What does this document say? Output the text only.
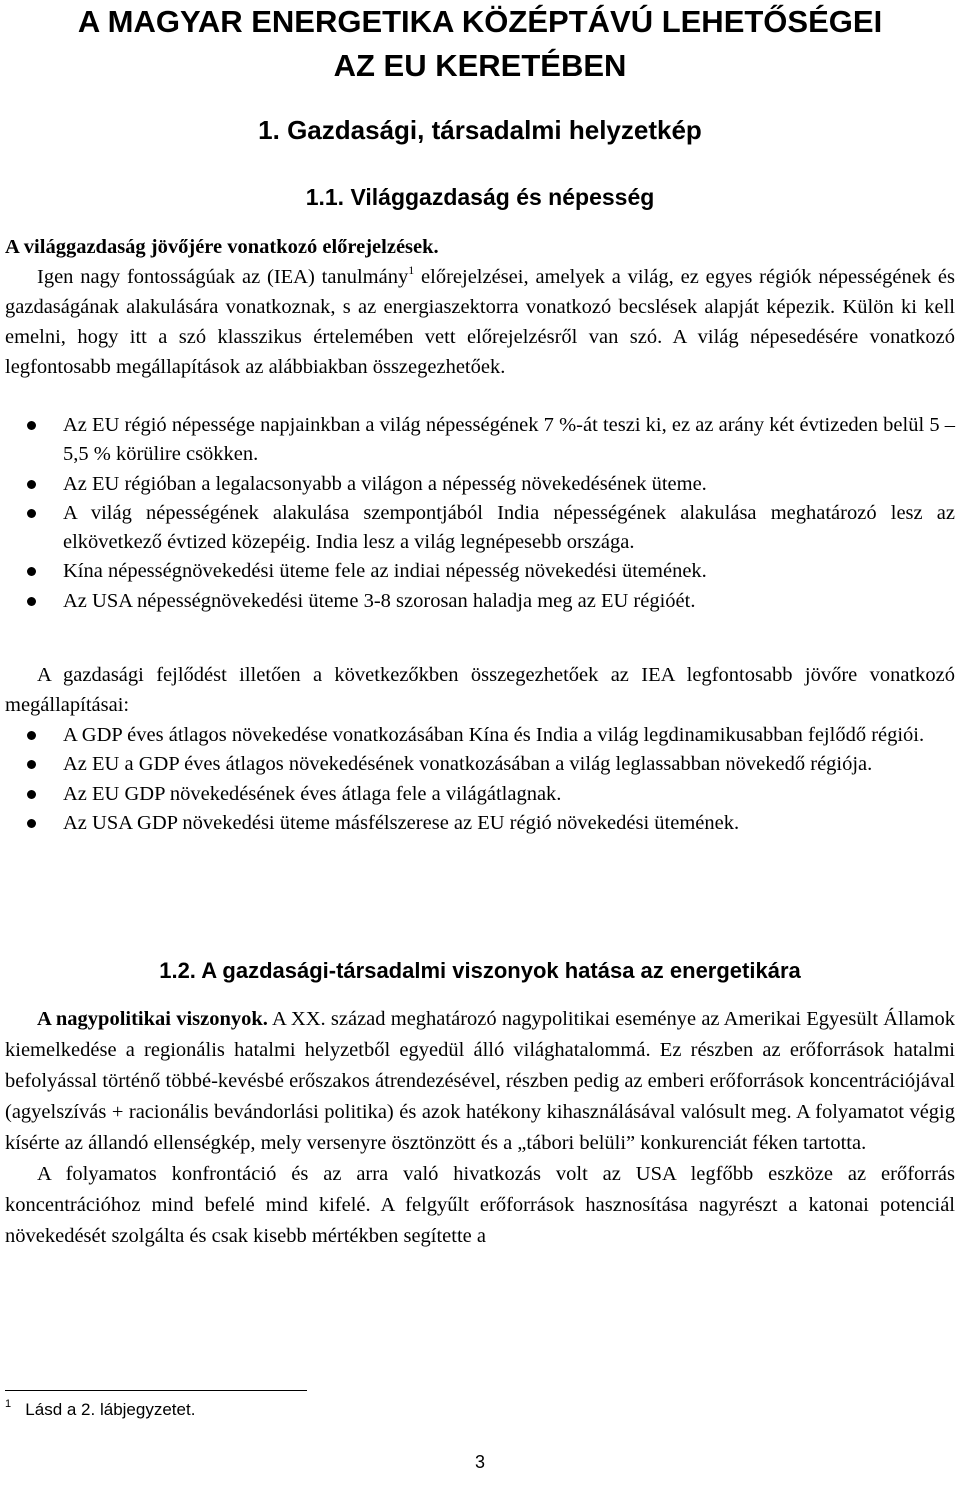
A MAGYAR ENERGETIKA KÖZÉPTÁVÚ LEHETŐSÉGEI
AZ EU KERETÉBEN
1. Gazdasági, társadalmi helyzetkép
1.1. Világgazdaság és népesség

A világgazdaság jövőjére vonatkozó előrejelzések.

Igen nagy fontosságúak az (IEA) tanulmány$^1$ előrejelzései, amelyek a világ, ez egyes régiók népességének és gazdaságának alakulására vonatkoznak, s az energiaszektorra vonatkozó becslések alapját képezik. Külön ki kell emelni, hogy itt a szó klasszikus értelemében vett előrejelzésről van szó. A világ népesedésére vonatkozó legfontosabb megállapítások az alábbiakban összegezhetőek.

Az EU régió népessége napjainkban a világ népességének 7 %-át teszi ki, ez az arány két évtizeden belül 5 – 5,5 % körülire csökken.
Az EU régióban a legalacsonyabb a világon a népesség növekedésének üteme.
A világ népességének alakulása szempontjából India népességének alakulása meghatározó lesz az elkövetkező évtized közepéig. India lesz a világ legnépesebb országa.
Kína népességnövekedési üteme fele az indiai népesség növekedési ütemének.
Az USA népességnövekedési üteme 3-8 szorosan haladja meg az EU régióét.

A gazdasági fejlődést illetően a következőkben összegezhetőek az IEA legfontosabb jövőre vonatkozó megállapításai:

A GDP éves átlagos növekedése vonatkozásában Kína és India a világ legdinamikusabban fejlődő régiói.
Az EU a GDP éves átlagos növekedésének vonatkozásában a világ leglassabban növekedő régiója.
Az EU GDP növekedésének éves átlaga fele a világátlagnak.
Az USA GDP növekedési üteme másfélszerese az EU régió növekedési ütemének.
1.2. A gazdasági-társadalmi viszonyok hatása az energetikára

A nagypolitikai viszonyok. A XX. század meghatározó nagypolitikai eseménye az Amerikai Egyesült Államok kiemelkedése a regionális hatalmi helyzetből egyedül álló világhatalommá. Ez részben az erőforrások hatalmi befolyással történő többé-kevésbé erőszakos átrendezésével, részben pedig az emberi erőforrások koncentrációjával (agyelszívás + racionális bevándorlási politika) és azok hatékony kihasználásával valósult meg. A folyamatot végig kísérte az állandó ellenségkép, mely versenyre ösztönzött és a „tábori belüli” konkurenciát féken tartotta.

A folyamatos konfrontáció és az arra való hivatkozás volt az USA legfőbb eszköze az erőforrás koncentrációhoz mind befelé mind kifelé. A felgyűlt erőforrások hasznosítása nagyrészt a katonai potenciál növekedését szolgálta és csak kisebb mértékben segítette a

$^1$ Lásd a 2. lábjegyzetet.
3
